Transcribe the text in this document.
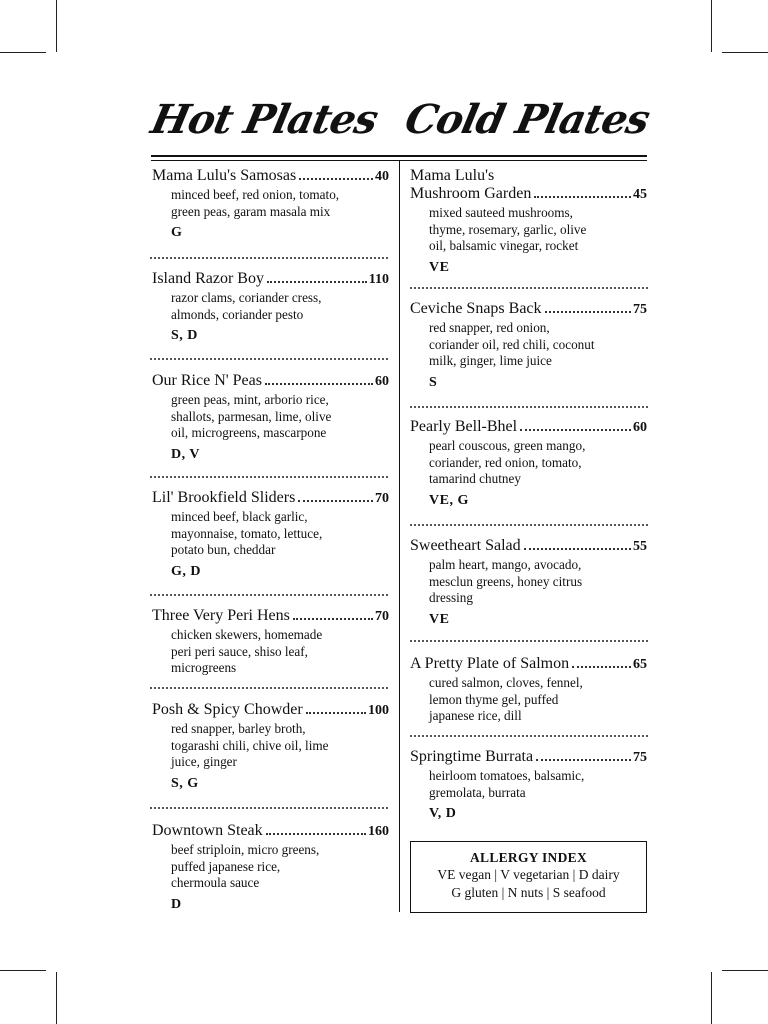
Hot Plates Cold Plates
Mama Lulu's Samosas	40
minced beef, red onion, tomato,
green peas, garam masala mix
G
Island Razor Boy	110
razor clams, coriander cress,
almonds, coriander pesto
S, D
Our Rice N' Peas	60
green peas, mint, arborio rice,
shallots, parmesan, lime, olive
oil, microgreens, mascarpone
D, V
Lil' Brookfield Sliders	70
minced beef, black garlic,
mayonnaise, tomato, lettuce,
potato bun, cheddar
G, D
Three Very Peri Hens	70
chicken skewers, homemade
peri peri sauce, shiso leaf,
microgreens
Posh & Spicy Chowder	100
red snapper, barley broth,
togarashi chili, chive oil, lime
juice, ginger
S, G
Downtown Steak	160
beef striploin, micro greens,
puffed japanese rice,
chermoula sauce
D
Mama Lulu's
Mushroom Garden	45
mixed sauteed mushrooms,
thyme, rosemary, garlic, olive
oil, balsamic vinegar, rocket
VE
Ceviche Snaps Back	75
red snapper, red onion,
coriander oil, red chili, coconut
milk, ginger, lime juice
S
Pearly Bell-Bhel	60
pearl couscous, green mango,
coriander, red onion, tomato,
tamarind chutney
VE, G
Sweetheart Salad	55
palm heart, mango, avocado,
mesclun greens, honey citrus
dressing
VE
A Pretty Plate of Salmon	65
cured salmon, cloves, fennel,
lemon thyme gel, puffed
japanese rice, dill
Springtime Burrata	75
heirloom tomatoes, balsamic,
gremolata, burrata
V, D
ALLERGY INDEX
VE vegan | V vegetarian | D dairy
G gluten | N nuts | S seafood
